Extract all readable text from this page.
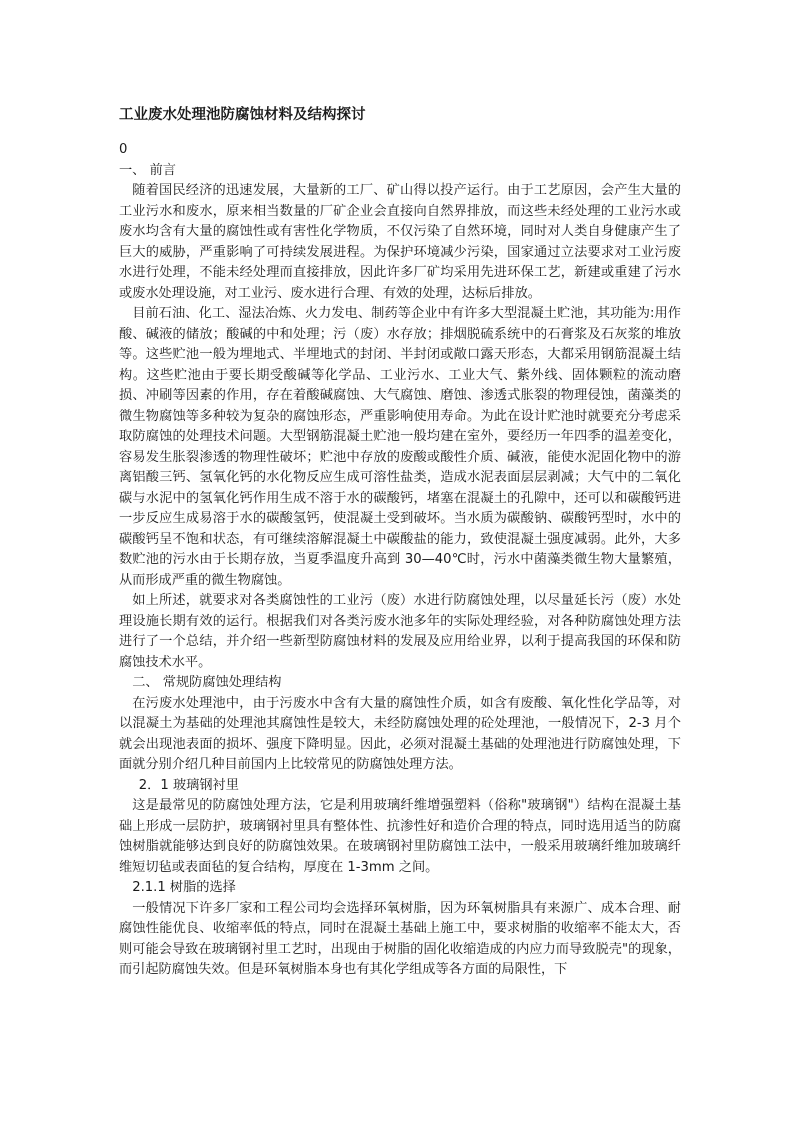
工业废水处理池防腐蚀材料及结构探讨
0
一、 前言

随着国民经济的迅速发展，大量新的工厂、矿山得以投产运行。由于工艺原因，会产生大量的工业污水和废水，原来相当数量的厂矿企业会直接向自然界排放，而这些未经处理的工业污水或废水均含有大量的腐蚀性或有害性化学物质，不仅污染了自然环境，同时对人类自身健康产生了巨大的威胁，严重影响了可持续发展进程。为保护环境减少污染，国家通过立法要求对工业污废水进行处理，不能未经处理而直接排放，因此许多厂矿均采用先进环保工艺，新建或重建了污水或废水处理设施，对工业污、废水进行合理、有效的处理，达标后排放。

目前石油、化工、湿法冶炼、火力发电、制药等企业中有许多大型混凝土贮池，其功能为:用作酸、碱液的储放；酸碱的中和处理；污（废）水存放；排烟脱硫系统中的石膏浆及石灰浆的堆放等。这些贮池一般为埋地式、半埋地式的封闭、半封闭或敞口露天形态，大都采用钢筋混凝土结构。这些贮池由于要长期受酸碱等化学品、工业污水、工业大气、紫外线、固体颗粒的流动磨损、冲刷等因素的作用，存在着酸碱腐蚀、大气腐蚀、磨蚀、渗透式胀裂的物理侵蚀，菌藻类的微生物腐蚀等多种较为复杂的腐蚀形态，严重影响使用寿命。为此在设计贮池时就要充分考虑采取防腐蚀的处理技术问题。大型钢筋混凝土贮池一般均建在室外，要经历一年四季的温差变化，容易发生胀裂渗透的物理性破坏；贮池中存放的废酸或酸性介质、碱液，能使水泥固化物中的游离铝酸三钙、氢氧化钙的水化物反应生成可溶性盐类，造成水泥表面层层剥减；大气中的二氧化碳与水泥中的氢氧化钙作用生成不溶于水的碳酸钙，堵塞在混凝土的孔隙中，还可以和碳酸钙进一步反应生成易溶于水的碳酸氢钙，使混凝土受到破坏。当水质为碳酸钠、碳酸钙型时，水中的碳酸钙呈不饱和状态，有可继续溶解混凝土中碳酸盐的能力，致使混凝土强度减弱。此外，大多数贮池的污水由于长期存放，当夏季温度升高到 30—40℃时，污水中菌藻类微生物大量繁殖，从而形成严重的微生物腐蚀。

如上所述，就要求对各类腐蚀性的工业污（废）水进行防腐蚀处理，以尽量延长污（废）水处理设施长期有效的运行。根据我们对各类污废水池多年的实际处理经验，对各种防腐蚀处理方法进行了一个总结，并介绍一些新型防腐蚀材料的发展及应用给业界，以利于提高我国的环保和防腐蚀技术水平。

二、 常规防腐蚀处理结构

在污废水处理池中，由于污废水中含有大量的腐蚀性介质，如含有废酸、氧化性化学品等，对以混凝土为基础的处理池其腐蚀性是较大，未经防腐蚀处理的砼处理池，一般情况下，2-3 月个就会出现池表面的损坏、强度下降明显。因此，必须对混凝土基础的处理池进行防腐蚀处理，下面就分别介绍几种目前国内上比较常见的防腐蚀处理方法。

2．1 玻璃钢衬里

这是最常见的防腐蚀处理方法，它是利用玻璃纤维增强塑料（俗称"玻璃钢"）结构在混凝土基础上形成一层防护，玻璃钢衬里具有整体性、抗渗性好和造价合理的特点，同时选用适当的防腐蚀树脂就能够达到良好的防腐蚀效果。在玻璃钢衬里防腐蚀工法中，一般采用玻璃纤维加玻璃纤维短切毡或表面毡的复合结构，厚度在 1-3mm 之间。

2.1.1 树脂的选择

一般情况下许多厂家和工程公司均会选择环氧树脂，因为环氧树脂具有来源广、成本合理、耐腐蚀性能优良、收缩率低的特点，同时在混凝土基础上施工中，要求树脂的收缩率不能太大，否则可能会导致在玻璃钢衬里工艺时，出现由于树脂的固化收缩造成的内应力而导致脱壳"的现象，而引起防腐蚀失效。但是环氧树脂本身也有其化学组成等各方面的局限性，下
